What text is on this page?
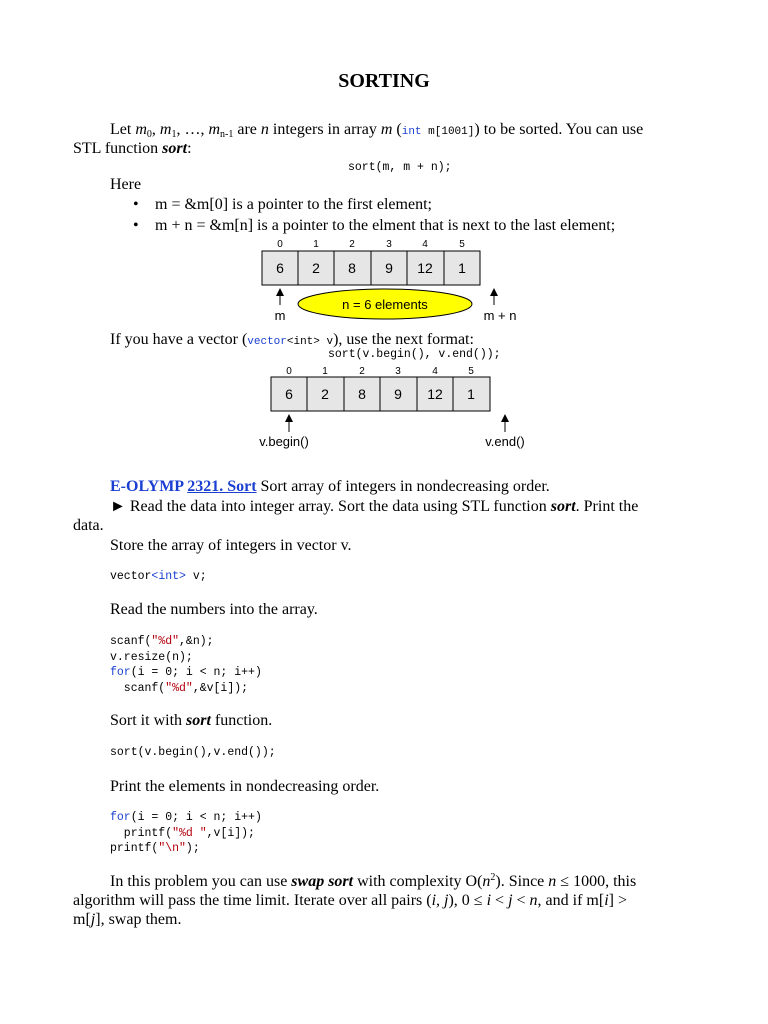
SORTING
Let $m_0$, $m_1$, …, $m_{n-1}$ are n integers in array m (int m[1001]) to be sorted. You can use
STL function sort:
sort(m, m + n);
Here
• m = &m[0] is a pointer to the first element;
• m + n = &m[n] is a pointer to the elment that is next to the last element;
0	1	2	3	4	5
6 2 8 9 12 1
n = 6 elements
m	m + n
0	1	2	3	4	5
6 2 8 9 12 1
v.begin()	v.end()
If you have a vector (vector<int> v), use the next format:
sort(v.begin(), v.end());
E-OLYMP 2321. Sort Sort array of integers in nondecreasing order.
► Read the data into integer array. Sort the data using STL function sort. Print the
data.
Store the array of integers in vector v.
vector<int> v;
Read the numbers into the array.
scanf("%d",&n);
v.resize(n);
for(i = 0; i < n; i++)
scanf("%d",&v[i]);
Sort it with sort function.
sort(v.begin(),v.end());
Print the elements in nondecreasing order.
for(i = 0; i < n; i++)
printf("%d ",v[i]);
printf("\n");
In this problem you can use swap sort with complexity $O(n^2)$. Since n ≤ 1000, this
algorithm will pass the time limit. Iterate over all pairs (i, j), 0 ≤ i < j < n, and if m[i] >
m[j], swap them.
